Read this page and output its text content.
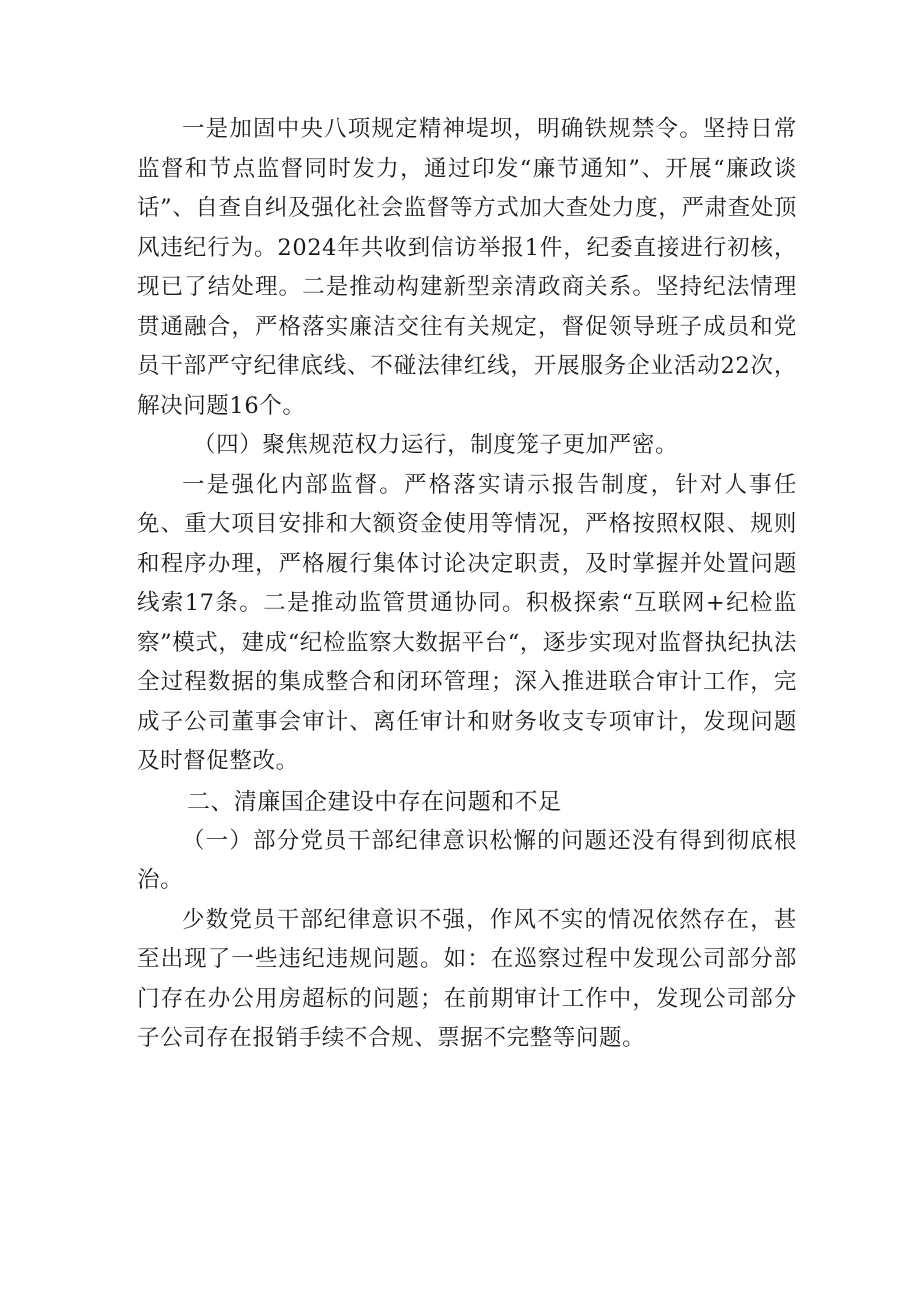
一是加固中央八项规定精神堤坝，明确铁规禁令。坚持日常监督和节点监督同时发力，通过印发“廉节通知”、开展“廉政谈话”、自查自纠及强化社会监督等方式加大查处力度，严肃查处顶风违纪行为。2024年共收到信访举报1件，纪委直接进行初核，现已了结处理。二是推动构建新型亲清政商关系。坚持纪法情理贯通融合，严格落实廉洁交往有关规定，督促领导班子成员和党员干部严守纪律底线、不碰法律红线，开展服务企业活动22次，解决问题16个。

（四）聚焦规范权力运行，制度笼子更加严密。

一是强化内部监督。严格落实请示报告制度，针对人事任免、重大项目安排和大额资金使用等情况，严格按照权限、规则和程序办理，严格履行集体讨论决定职责，及时掌握并处置问题线索17条。二是推动监管贯通协同。积极探索“互联网+纪检监察”模式，建成“纪检监察大数据平台“，逐步实现对监督执纪执法全过程数据的集成整合和闭环管理；深入推进联合审计工作，完成子公司董事会审计、离任审计和财务收支专项审计，发现问题及时督促整改。

二、清廉国企建设中存在问题和不足

（一）部分党员干部纪律意识松懈的问题还没有得到彻底根治。

少数党员干部纪律意识不强，作风不实的情况依然存在，甚至出现了一些违纪违规问题。如：在巡察过程中发现公司部分部门存在办公用房超标的问题；在前期审计工作中，发现公司部分子公司存在报销手续不合规、票据不完整等问题。
